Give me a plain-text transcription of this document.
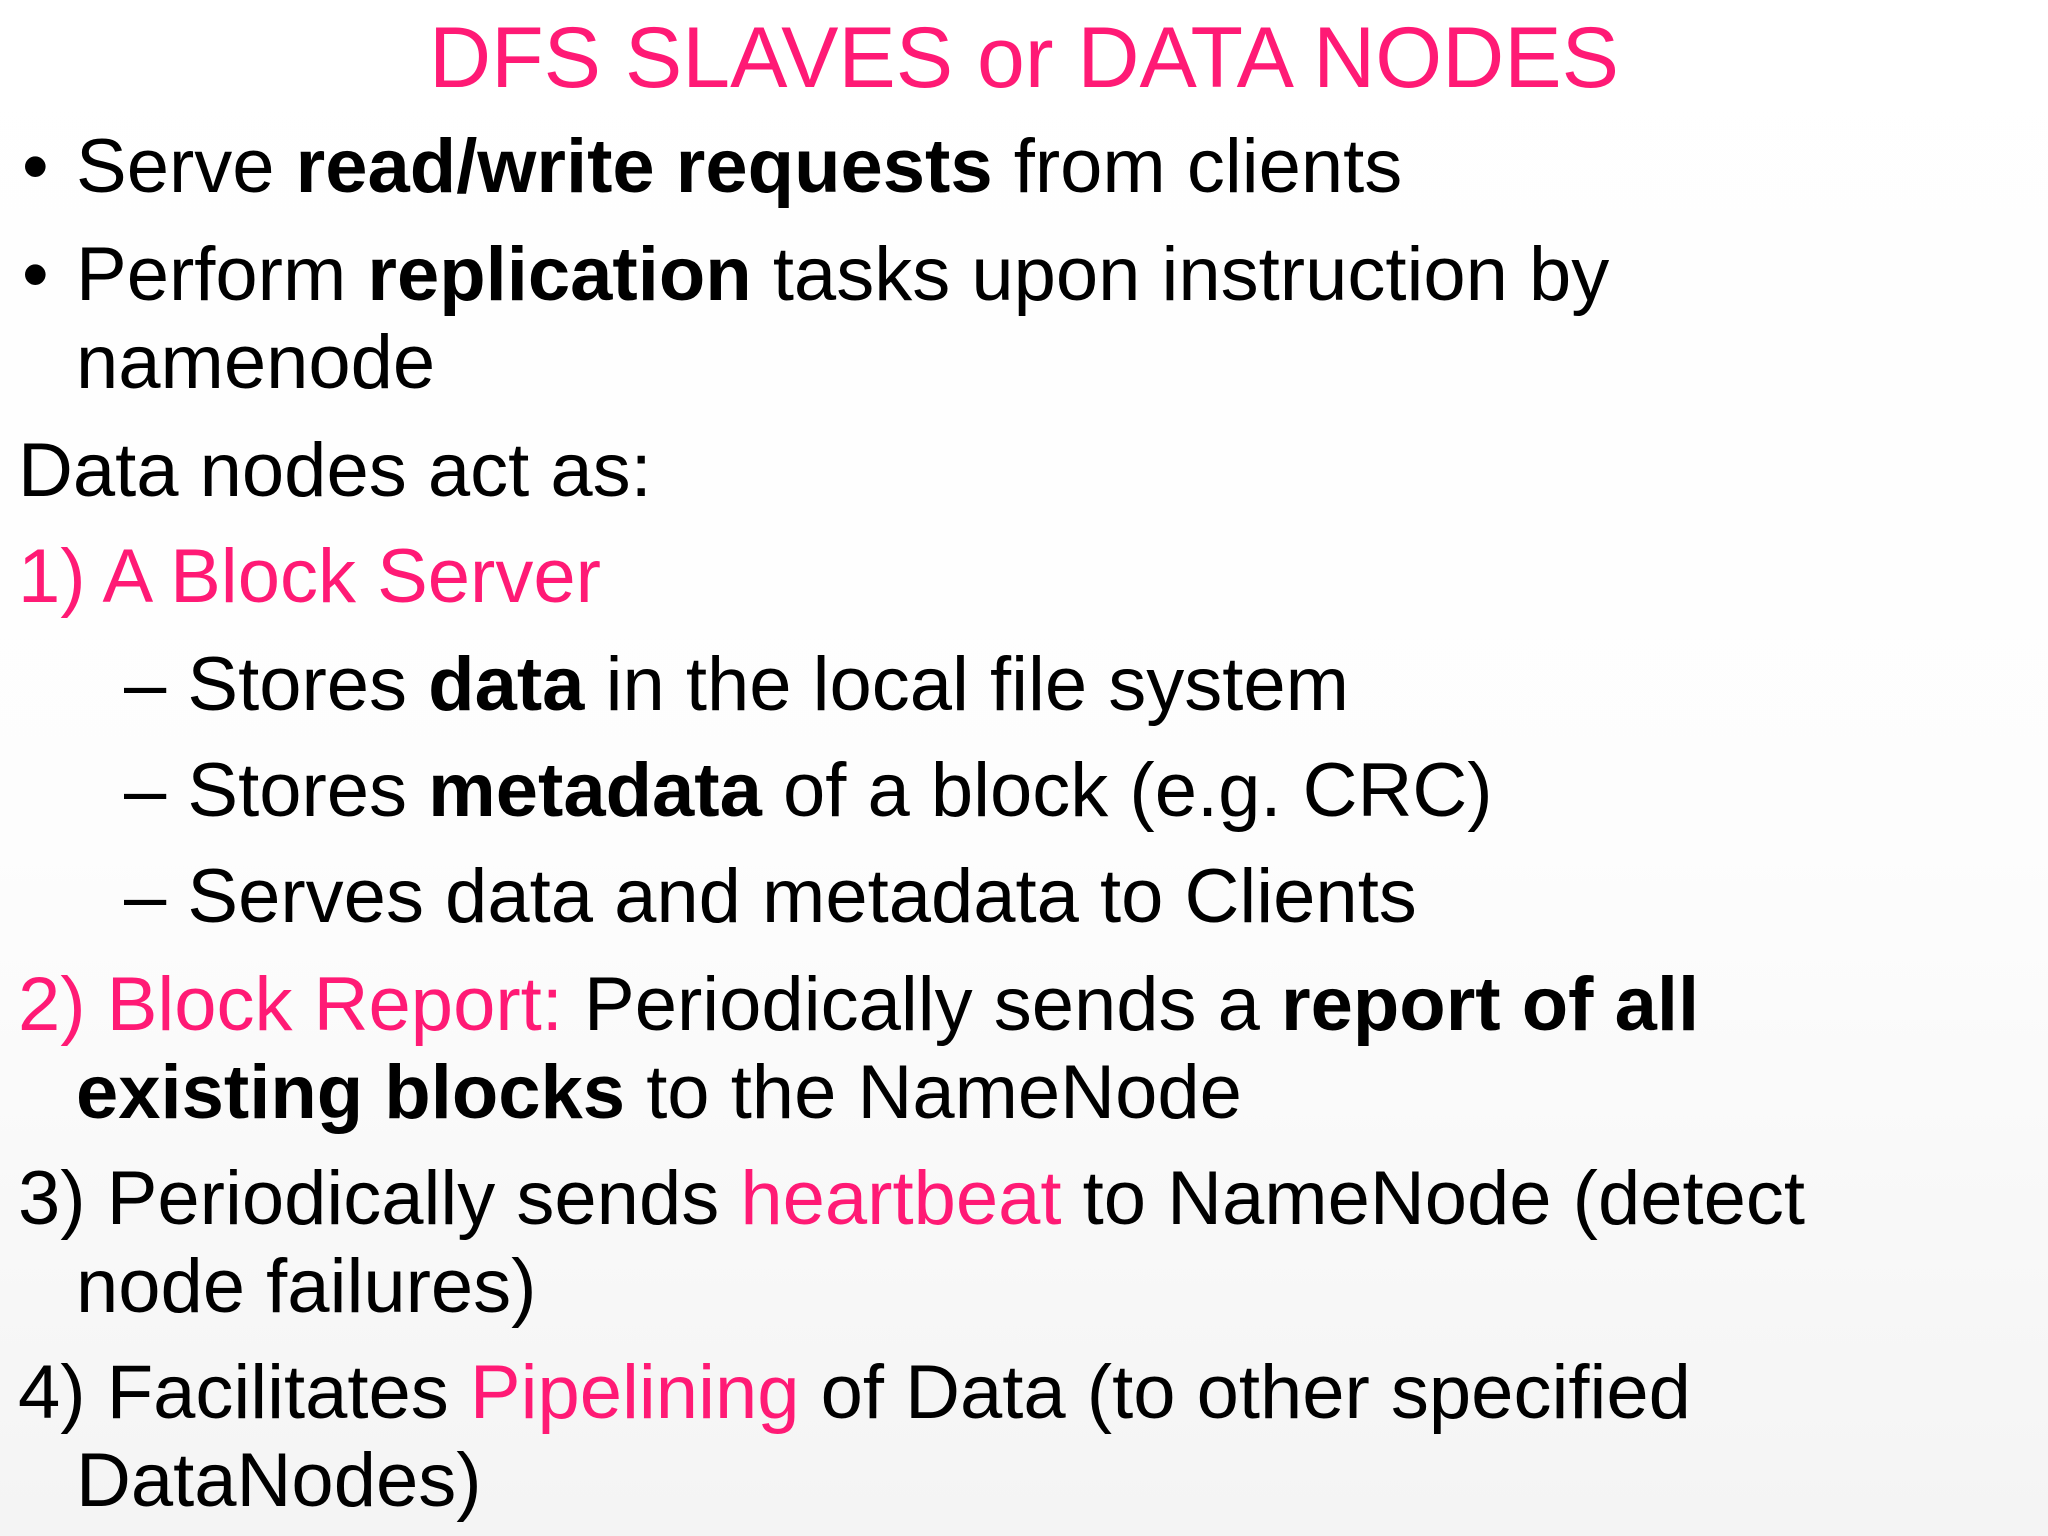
DFS SLAVES or DATA NODES
• Serve read/write requests from clients
• Perform replication tasks upon instruction by
namenode
Data nodes act as:
1) A Block Server
– Stores data in the local file system
– Stores metadata of a block (e.g. CRC)
– Serves data and metadata to Clients
2) Block Report: Periodically sends a report of all
existing blocks to the NameNode
3) Periodically sends heartbeat to NameNode (detect
node failures)
4) Facilitates Pipelining of Data (to other specified
DataNodes)
